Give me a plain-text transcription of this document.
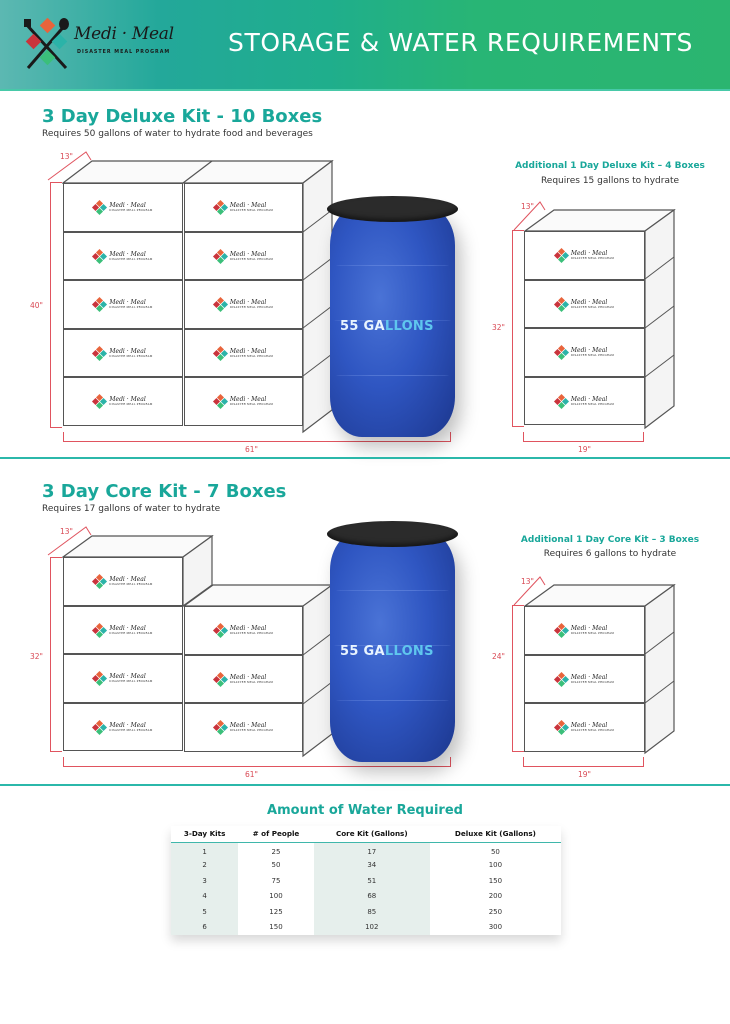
Medi · Meal
DISASTER MEAL PROGRAM STORAGE & WATER REQUIREMENTS
3 Day Deluxe Kit - 10 Boxes
Requires 50 gallons of water to hydrate food and beverages
13"
40"
61"
Medi · Meal
DISASTER MEAL PROGRAM
Medi · Meal
DISASTER MEAL PROGRAM
Medi · Meal
DISASTER MEAL PROGRAM
Medi · Meal
DISASTER MEAL PROGRAM
Medi · Meal
DISASTER MEAL PROGRAM
Medi · Meal
DISASTER MEAL PROGRAM
Medi · Meal
DISASTER MEAL PROGRAM
Medi · Meal
DISASTER MEAL PROGRAM
Medi · Meal
DISASTER MEAL PROGRAM
Medi · Meal
DISASTER MEAL PROGRAM
55 GALLONS
Additional 1 Day Deluxe Kit – 4 Boxes
Requires 15 gallons to hydrate
13"
32"
19"
Medi · Meal
DISASTER MEAL PROGRAM
Medi · Meal
DISASTER MEAL PROGRAM
Medi · Meal
DISASTER MEAL PROGRAM
Medi · Meal
DISASTER MEAL PROGRAM
3 Day Core Kit - 7 Boxes
Requires 17 gallons of water to hydrate
13"
32"
61"
Medi · Meal
DISASTER MEAL PROGRAM
Medi · Meal
DISASTER MEAL PROGRAM
Medi · Meal
DISASTER MEAL PROGRAM
Medi · Meal
DISASTER MEAL PROGRAM
Medi · Meal
DISASTER MEAL PROGRAM
Medi · Meal
DISASTER MEAL PROGRAM
Medi · Meal
DISASTER MEAL PROGRAM
55 GALLONS
Additional 1 Day Core Kit – 3 Boxes
Requires 6 gallons to hydrate
13"
24"
19"
Medi · Meal
DISASTER MEAL PROGRAM
Medi · Meal
DISASTER MEAL PROGRAM
Medi · Meal
DISASTER MEAL PROGRAM
Amount of Water Required
3-Day Kits	# of People	Core Kit (Gallons)	Deluxe Kit (Gallons)
1	25	17	50
2	50	34	100
3	75	51	150
4	100	68	200
5	125	85	250
6	150	102	300
